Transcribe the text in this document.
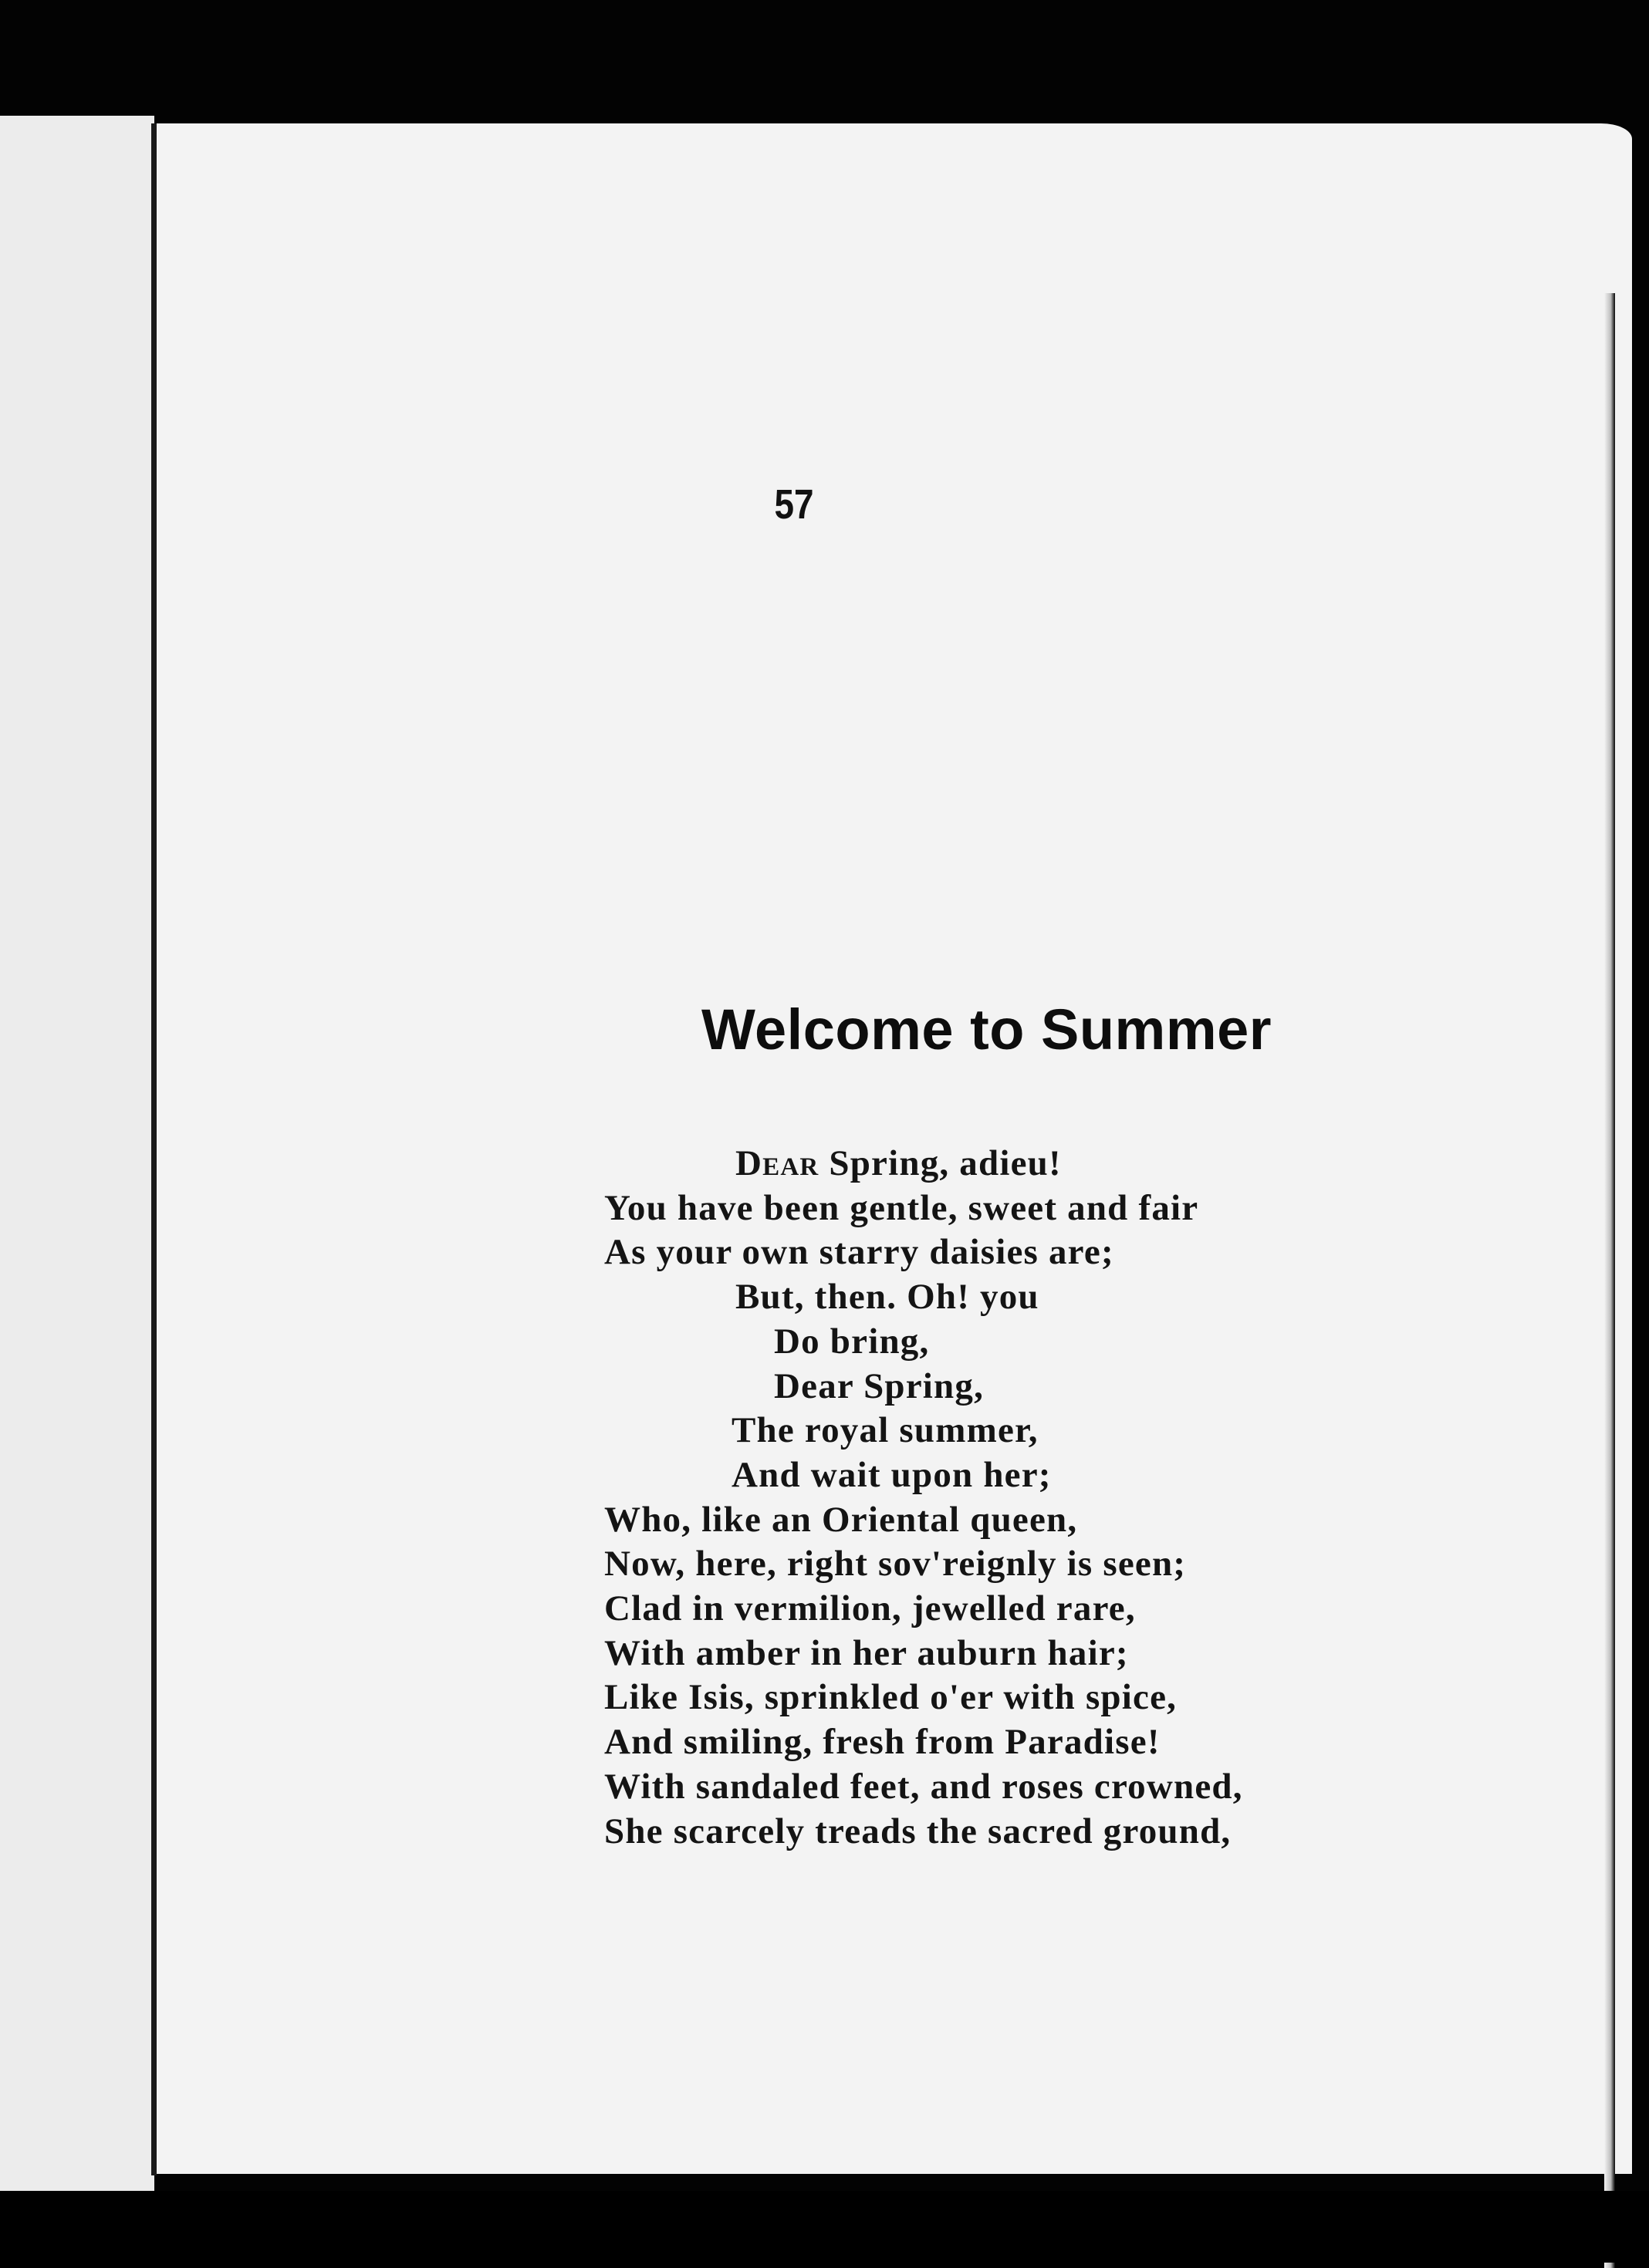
57
Welcome to Summer
Dear Spring, adieu!
You have been gentle, sweet and fair
As your own starry daisies are;
But, then. Oh! you
Do bring,
Dear Spring,
The royal summer,
And wait upon her;
Who, like an Oriental queen,
Now, here, right sov'reignly is seen;
Clad in vermilion, jewelled rare,
With amber in her auburn hair;
Like Isis, sprinkled o'er with spice,
And smiling, fresh from Paradise!
With sandaled feet, and roses crowned,
She scarcely treads the sacred ground,
